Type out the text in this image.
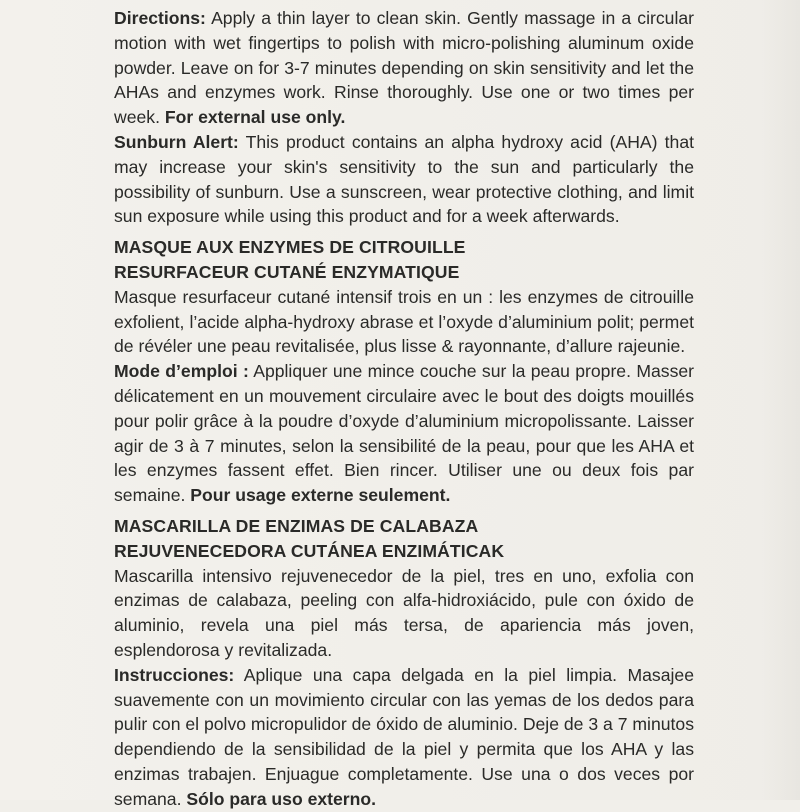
Directions: Apply a thin layer to clean skin. Gently massage in a circular motion with wet fingertips to polish with micro-polishing aluminum oxide powder. Leave on for 3-7 minutes depending on skin sensitivity and let the AHAs and enzymes work. Rinse thoroughly. Use one or two times per week. For external use only.

Sunburn Alert: This product contains an alpha hydroxy acid (AHA) that may increase your skin's sensitivity to the sun and particularly the possibility of sunburn. Use a sunscreen, wear protective clothing, and limit sun exposure while using this product and for a week afterwards.

MASQUE AUX ENZYMES DE CITROUILLE

RESURFACEUR CUTANÉ ENZYMATIQUE

Masque resurfaceur cutané intensif trois en un : les enzymes de citrouille exfolient, l’acide alpha-hydroxy abrase et l’oxyde d’aluminium polit; permet de révéler une peau revitalisée, plus lisse & rayonnante, d’allure rajeunie.

Mode d’emploi : Appliquer une mince couche sur la peau propre. Masser délicatement en un mouvement circulaire avec le bout des doigts mouillés pour polir grâce à la poudre d’oxyde d’aluminium micropolissante. Laisser agir de 3 à 7 minutes, selon la sensibilité de la peau, pour que les AHA et les enzymes fassent effet. Bien rincer. Utiliser une ou deux fois par semaine. Pour usage externe seulement.

MASCARILLA DE ENZIMAS DE CALABAZA

REJUVENECEDORA CUTÁNEA ENZIMÁTICAK

Mascarilla intensivo rejuvenecedor de la piel, tres en uno, exfolia con enzimas de calabaza, peeling con alfa-hidroxiácido, pule con óxido de aluminio, revela una piel más tersa, de apariencia más joven, esplendorosa y revitalizada.

Instrucciones: Aplique una capa delgada en la piel limpia. Masajee suavemente con un movimiento circular con las yemas de los dedos para pulir con el polvo micropulidor de óxido de aluminio. Deje de 3 a 7 minutos dependiendo de la sensibilidad de la piel y permita que los AHA y las enzimas trabajen. Enjuague completamente. Use una o dos veces por semana. Sólo para uso externo.
